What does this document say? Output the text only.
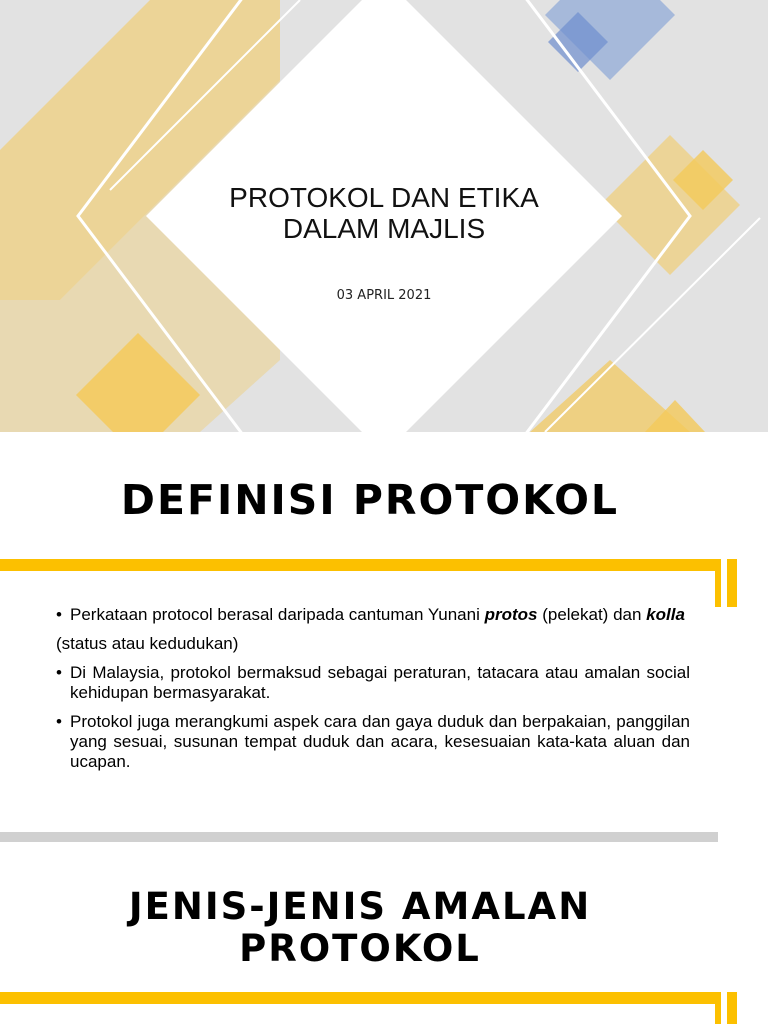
PROTOKOL DAN ETIKA
DALAM MAJLIS
03 APRIL 2021
DEFINISI PROTOKOL
• Perkataan protocol berasal daripada cantuman Yunani protos (pelekat) dan kolla
(status atau kedudukan)
• Di Malaysia, protokol bermaksud sebagai peraturan, tatacara atau amalan social kehidupan bermasyarakat.
• Protokol juga merangkumi aspek cara dan gaya duduk dan berpakaian, panggilan yang sesuai, susunan tempat duduk dan acara, kesesuaian kata-kata aluan dan ucapan.
JENIS-JENIS AMALAN
PROTOKOL
